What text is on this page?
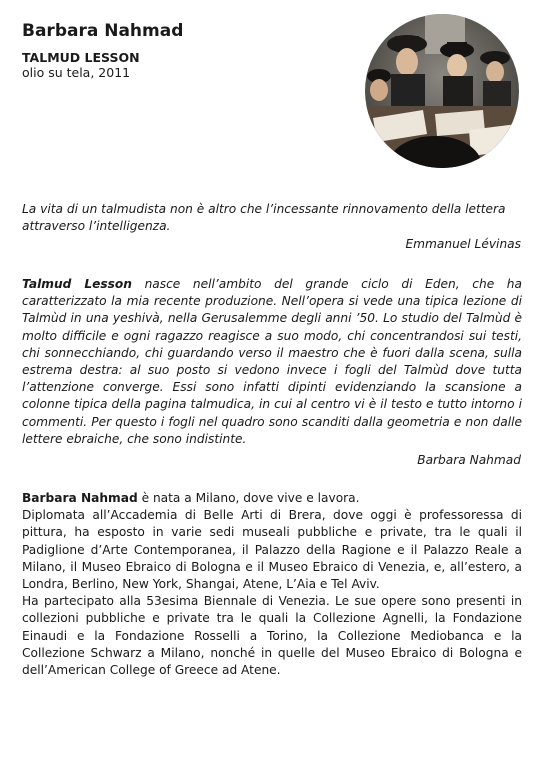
Barbara Nahmad
TALMUD LESSON
olio su tela, 2011
La vita di un talmudista non è altro che l’incessante rinnovamento della lettera attraverso l’intelligenza.
Emmanuel Lévinas
Talmud Lesson nasce nell’ambito del grande ciclo di Eden, che ha caratterizzato la mia recente produzione. Nell’opera si vede una tipica lezione di Talmùd in una yeshivà, nella Gerusalemme degli anni ’50. Lo studio del Talmùd è molto difficile e ogni ragazzo reagisce a suo modo, chi concentrandosi sui testi, chi sonnecchiando, chi guardando verso il maestro che è fuori dalla scena, sulla estrema destra: al suo posto si vedono invece i fogli del Talmùd dove tutta l’attenzione converge. Essi sono infatti dipinti evidenziando la scansione a colonne tipica della pagina talmudica, in cui al centro vi è il testo e tutto intorno i commenti. Per questo i fogli nel quadro sono scanditi dalla geometria e non dalle lettere ebraiche, che sono indistinte.
Barbara Nahmad

Barbara Nahmad è nata a Milano, dove vive e lavora.

Diplomata all’Accademia di Belle Arti di Brera, dove oggi è professoressa di pittura, ha esposto in varie sedi museali pubbliche e private, tra le quali il Padiglione d’Arte Contemporanea, il Palazzo della Ragione e il Palazzo Reale a Milano, il Museo Ebraico di Bologna e il Museo Ebraico di Venezia, e, all’estero, a Londra, Berlino, New York, Shangai, Atene, L’Aia e Tel Aviv.

Ha partecipato alla 53esima Biennale di Venezia. Le sue opere sono presenti in collezioni pubbliche e private tra le quali la Collezione Agnelli, la Fondazione Einaudi e la Fondazione Rosselli a Torino, la Collezione Mediobanca e la Collezione Schwarz a Milano, nonché in quelle del Museo Ebraico di Bologna e dell’American College of Greece ad Atene.
